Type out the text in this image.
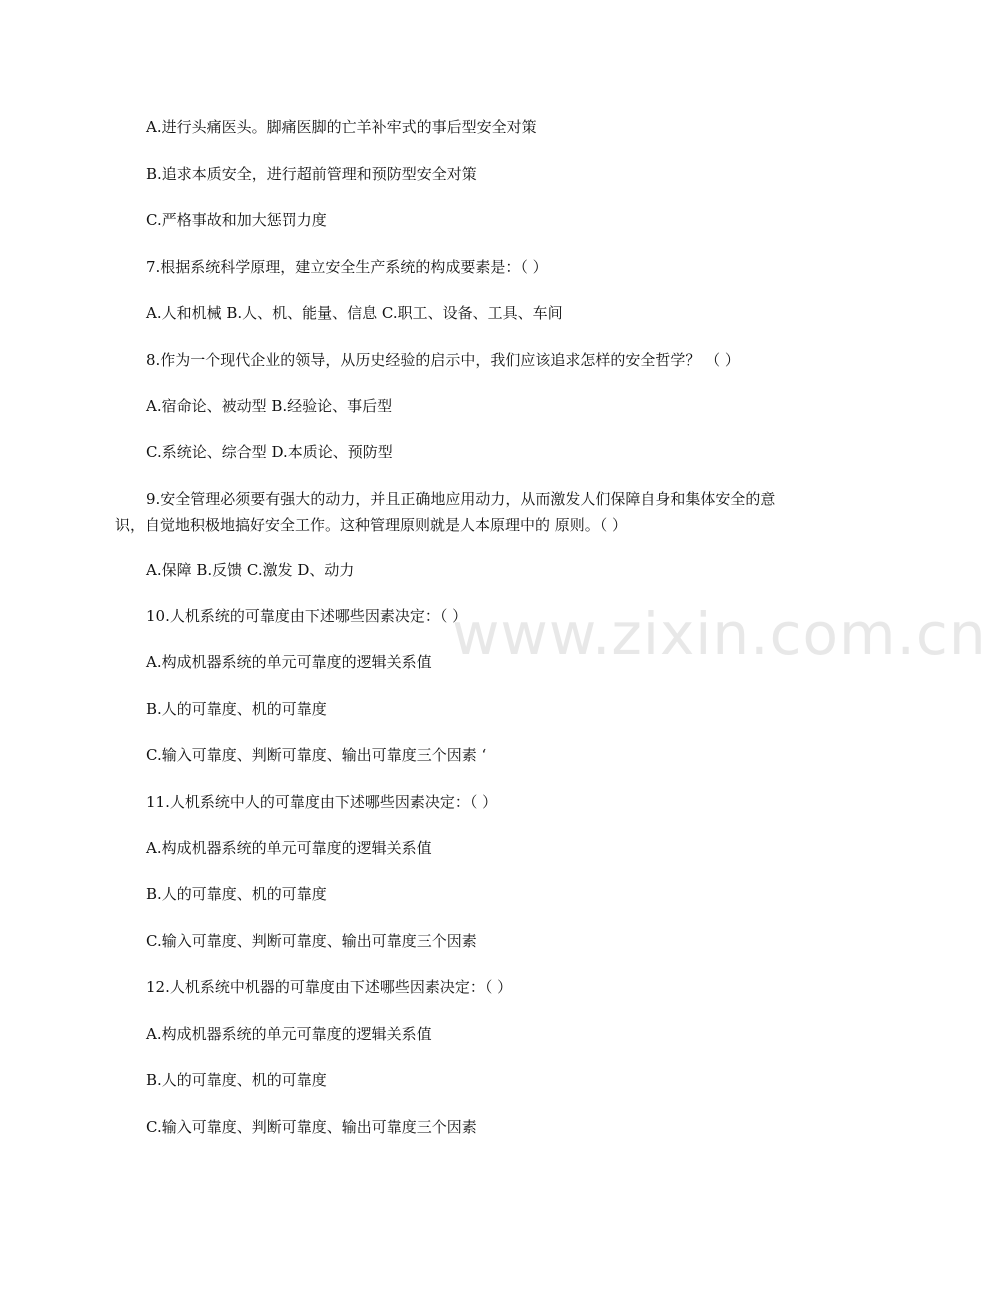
A.进行头痛医头。脚痛医脚的亡羊补牢式的事后型安全对策
B.追求本质安全，进行超前管理和预防型安全对策
C.严格事故和加大惩罚力度
7.根据系统科学原理，建立安全生产系统的构成要素是：（ ）
A.人和机械 B.人、机、能量、信息 C.职工、设备、工具、车间
8.作为一个现代企业的领导，从历史经验的启示中，我们应该追求怎样的安全哲学？ （ ）
A.宿命论、被动型 B.经验论、事后型
C.系统论、综合型 D.本质论、预防型
9.安全管理必须要有强大的动力，并且正确地应用动力，从而激发人们保障自身和集体安全的意识，自觉地积极地搞好安全工作。这种管理原则就是人本原理中的 原则。（ ）
A.保障 B.反馈 C.激发 D、动力
10.人机系统的可靠度由下述哪些因素决定：（ ）
A.构成机器系统的单元可靠度的逻辑关系值
B.人的可靠度、机的可靠度
C.输入可靠度、判断可靠度、输出可靠度三个因素 ‘
11.人机系统中人的可靠度由下述哪些因素决定：（ ）
A.构成机器系统的单元可靠度的逻辑关系值
B.人的可靠度、机的可靠度
C.输入可靠度、判断可靠度、输出可靠度三个因素
12.人机系统中机器的可靠度由下述哪些因素决定：（ ）
A.构成机器系统的单元可靠度的逻辑关系值
B.人的可靠度、机的可靠度
C.输入可靠度、判断可靠度、输出可靠度三个因素
www.zixin.com.cn
